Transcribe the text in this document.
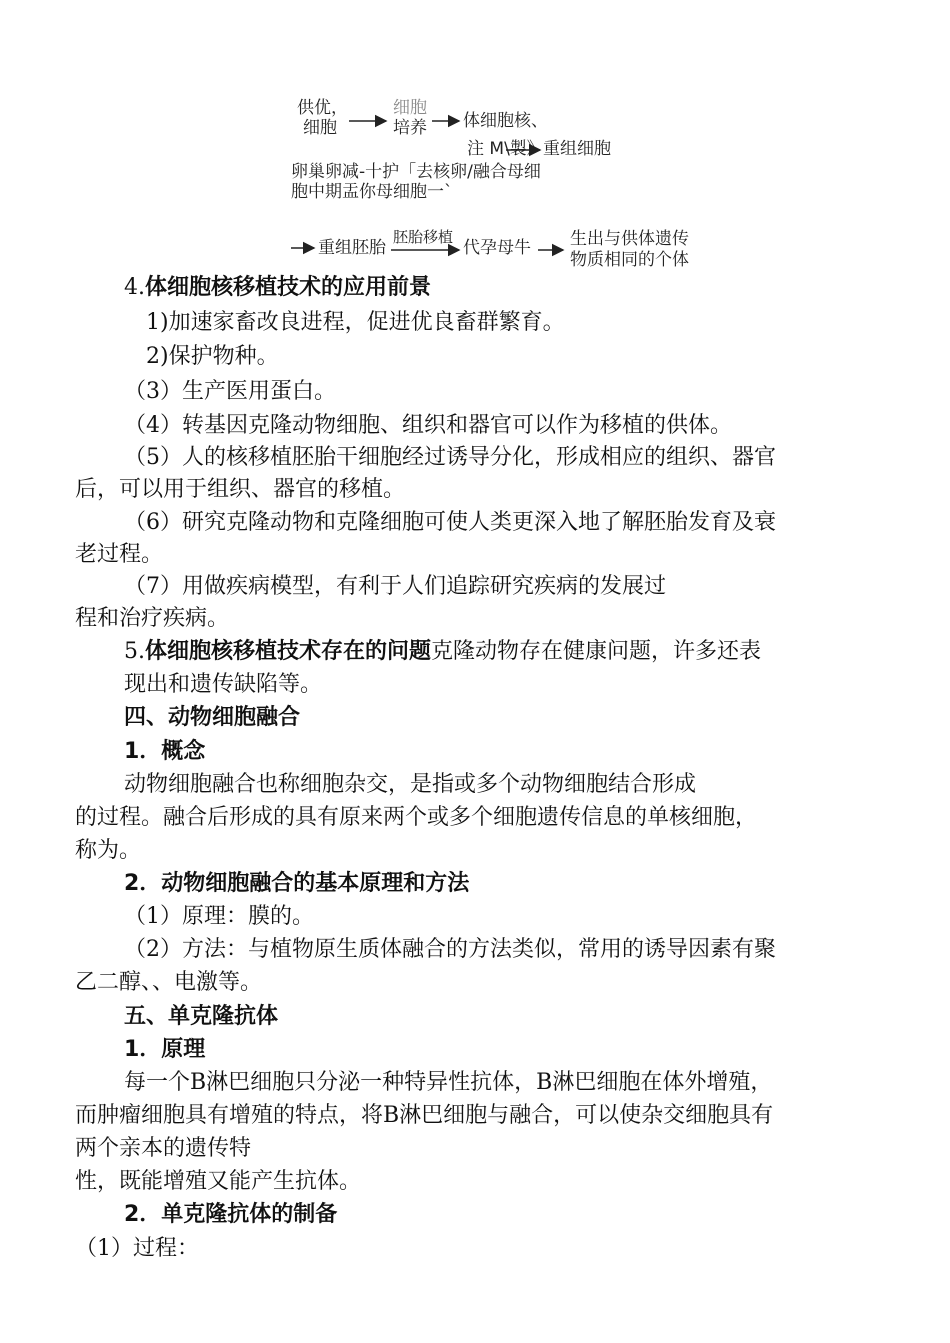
供优，
细胞
细胞
培养 体细胞核、
注 M\製》 重组细胞
卵巢卵减-十护「去核卵/融合母细
胞中期盂你母细胞一`
重组胚胎
胚胎移植
代孕母牛 生出与供体遗传
物质相同的个体
4.体细胞核移植技术的应用前景
1)加速家畜改良进程，促进优良畜群繁育。
2)保护物种。
（3）生产医用蛋白。
（4）转基因克隆动物细胞、组织和器官可以作为移植的供体。
（5）人的核移植胚胎干细胞经过诱导分化，形成相应的组织、器官
后，可以用于组织、器官的移植。
（6）研究克隆动物和克隆细胞可使人类更深入地了解胚胎发育及衰
老过程。
（7）用做疾病模型，有利于人们追踪研究疾病的发展过
程和治疗疾病。
5.体细胞核移植技术存在的问题克隆动物存在健康问题，许多还表
现出和遗传缺陷等。
四、动物细胞融合
1．概念
动物细胞融合也称细胞杂交，是指或多个动物细胞结合形成
的过程。融合后形成的具有原来两个或多个细胞遗传信息的单核细胞，
称为。
2．动物细胞融合的基本原理和方法
（1）原理：膜的。
（2）方法：与植物原生质体融合的方法类似，常用的诱导因素有聚
乙二醇、、电激等。
五、单克隆抗体
1．原理
每一个B淋巴细胞只分泌一种特异性抗体，B淋巴细胞在体外增殖，
而肿瘤细胞具有增殖的特点，将B淋巴细胞与融合，可以使杂交细胞具有
两个亲本的遗传特
性，既能增殖又能产生抗体。
2．单克隆抗体的制备
（1）过程：
